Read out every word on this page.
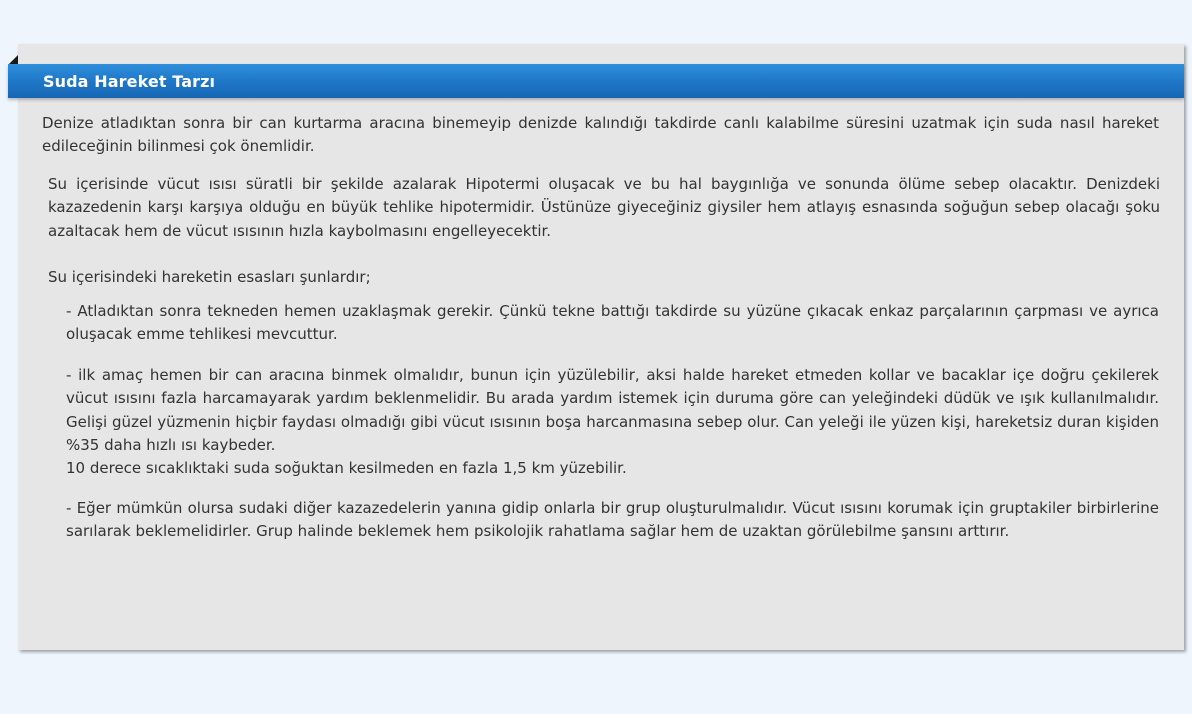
Suda Hareket Tarzı

Denize atladıktan sonra bir can kurtarma aracına binemeyip denizde kalındığı takdirde canlı kalabilme süresini uzatmak için suda nasıl hareket edileceğinin bilinmesi çok önemlidir.

Su içerisinde vücut ısısı süratli bir şekilde azalarak Hipotermi oluşacak ve bu hal baygınlığa ve sonunda ölüme sebep olacaktır. Denizdeki kazazedenin karşı karşıya olduğu en büyük tehlike hipotermidir. Üstünüze giyeceğiniz giysiler hem atlayış esnasında soğuğun sebep olacağı şoku azaltacak hem de vücut ısısının hızla kaybolmasını engelleyecektir.

Su içerisindeki hareketin esasları şunlardır;

- Atladıktan sonra tekneden hemen uzaklaşmak gerekir. Çünkü tekne battığı takdirde su yüzüne çıkacak enkaz parçalarının çarpması ve ayrıca oluşacak emme tehlikesi mevcuttur.

- ilk amaç hemen bir can aracına binmek olmalıdır, bunun için yüzülebilir, aksi halde hareket etmeden kollar ve bacaklar içe doğru çekilerek vücut ısısını fazla harcamayarak yardım beklenmelidir. Bu arada yardım istemek için duruma göre can yeleğindeki düdük ve ışık kullanılmalıdır. Gelişi güzel yüzmenin hiçbir faydası olmadığı gibi vücut ısısının boşa harcanmasına sebep olur. Can yeleği ile yüzen kişi, hareketsiz duran kişiden %35 daha hızlı ısı kaybeder.

10 derece sıcaklıktaki suda soğuktan kesilmeden en fazla 1,5 km yüzebilir.

- Eğer mümkün olursa sudaki diğer kazazedelerin yanına gidip onlarla bir grup oluşturulmalıdır. Vücut ısısını korumak için gruptakiler birbirlerine sarılarak beklemelidirler. Grup halinde beklemek hem psikolojik rahatlama sağlar hem de uzaktan görülebilme şansını arttırır.
